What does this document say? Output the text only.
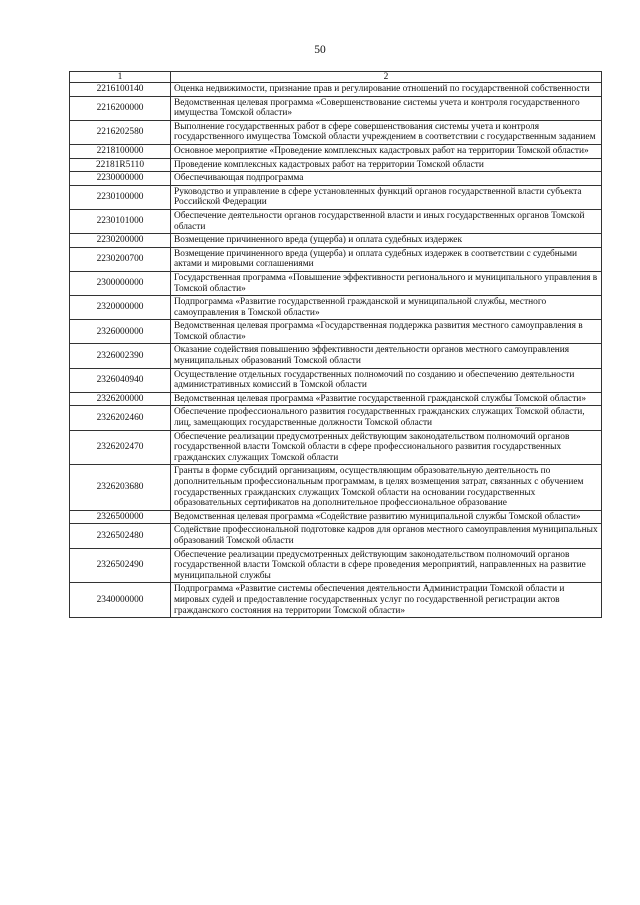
50
1	2
2216100140	Оценка недвижимости, признание прав и регулирование отношений по государственной собственности
2216200000	Ведомственная целевая программа «Совершенствование системы учета и контроля государственного имущества Томской области»
2216202580	Выполнение государственных работ в сфере совершенствования системы учета и контроля государственного имущества Томской области учреждением в соответствии с государственным заданием
2218100000	Основное мероприятие «Проведение комплексных кадастровых работ на территории Томской области»
22181R5110	Проведение комплексных кадастровых работ на территории Томской области
2230000000	Обеспечивающая подпрограмма
2230100000	Руководство и управление в сфере установленных функций органов государственной власти субъекта Российской Федерации
2230101000	Обеспечение деятельности органов государственной власти и иных государственных органов Томской области
2230200000	Возмещение причиненного вреда (ущерба) и оплата судебных издержек
2230200700	Возмещение причиненного вреда (ущерба) и оплата судебных издержек в соответствии с судебными актами и мировыми соглашениями
2300000000	Государственная программа «Повышение эффективности регионального и муниципального управления в Томской области»
2320000000	Подпрограмма «Развитие государственной гражданской и муниципальной службы, местного самоуправления в Томской области»
2326000000	Ведомственная целевая программа «Государственная поддержка развития местного самоуправления в Томской области»
2326002390	Оказание содействия повышению эффективности деятельности органов местного самоуправления муниципальных образований Томской области
2326040940	Осуществление отдельных государственных полномочий по созданию и обеспечению деятельности административных комиссий в Томской области
2326200000	Ведомственная целевая программа «Развитие государственной гражданской службы Томской области»
2326202460	Обеспечение профессионального развития государственных гражданских служащих Томской области, лиц, замещающих государственные должности Томской области
2326202470	Обеспечение реализации предусмотренных действующим законодательством полномочий органов государственной власти Томской области в сфере профессионального развития государственных гражданских служащих Томской области
2326203680	Гранты в форме субсидий организациям, осуществляющим образовательную деятельность по дополнительным профессиональным программам, в целях возмещения затрат, связанных с обучением государственных гражданских служащих Томской области на основании государственных образовательных сертификатов на дополнительное профессиональное образование
2326500000	Ведомственная целевая программа «Содействие развитию муниципальной службы Томской области»
2326502480	Содействие профессиональной подготовке кадров для органов местного самоуправления муниципальных образований Томской области
2326502490	Обеспечение реализации предусмотренных действующим законодательством полномочий органов государственной власти Томской области в сфере проведения мероприятий, направленных на развитие муниципальной службы
2340000000	Подпрограмма «Развитие системы обеспечения деятельности Администрации Томской области и мировых судей и предоставление государственных услуг по государственной регистрации актов гражданского состояния на территории Томской области»
